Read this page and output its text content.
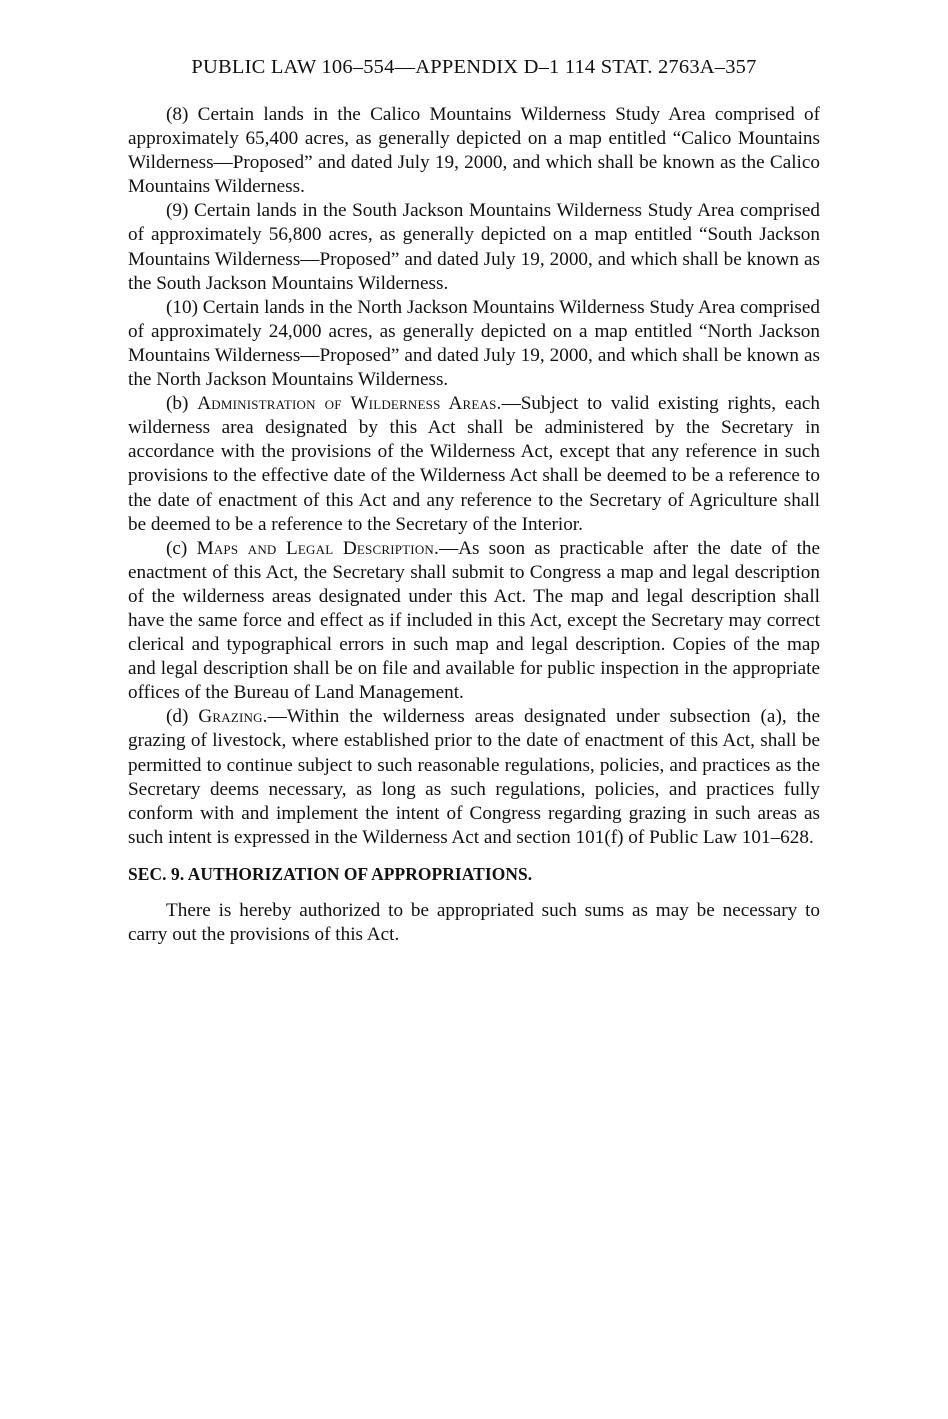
PUBLIC LAW 106–554—APPENDIX D–1 114 STAT. 2763A–357

(8) Certain lands in the Calico Mountains Wilderness Study Area comprised of approximately 65,400 acres, as generally depicted on a map entitled “Calico Mountains Wilderness—Proposed” and dated July 19, 2000, and which shall be known as the Calico Mountains Wilderness.

(9) Certain lands in the South Jackson Mountains Wilderness Study Area comprised of approximately 56,800 acres, as generally depicted on a map entitled “South Jackson Mountains Wilderness—Proposed” and dated July 19, 2000, and which shall be known as the South Jackson Mountains Wilderness.

(10) Certain lands in the North Jackson Mountains Wilderness Study Area comprised of approximately 24,000 acres, as generally depicted on a map entitled “North Jackson Mountains Wilderness—Proposed” and dated July 19, 2000, and which shall be known as the North Jackson Mountains Wilderness.

(b) Administration of Wilderness Areas.—Subject to valid existing rights, each wilderness area designated by this Act shall be administered by the Secretary in accordance with the provisions of the Wilderness Act, except that any reference in such provisions to the effective date of the Wilderness Act shall be deemed to be a reference to the date of enactment of this Act and any reference to the Secretary of Agriculture shall be deemed to be a reference to the Secretary of the Interior.

(c) Maps and Legal Description.—As soon as practicable after the date of the enactment of this Act, the Secretary shall submit to Congress a map and legal description of the wilderness areas designated under this Act. The map and legal description shall have the same force and effect as if included in this Act, except the Secretary may correct clerical and typographical errors in such map and legal description. Copies of the map and legal description shall be on file and available for public inspection in the appropriate offices of the Bureau of Land Management.

(d) Grazing.—Within the wilderness areas designated under subsection (a), the grazing of livestock, where established prior to the date of enactment of this Act, shall be permitted to continue subject to such reasonable regulations, policies, and practices as the Secretary deems necessary, as long as such regulations, policies, and practices fully conform with and implement the intent of Congress regarding grazing in such areas as such intent is expressed in the Wilderness Act and section 101(f) of Public Law 101–628.

SEC. 9. AUTHORIZATION OF APPROPRIATIONS.

There is hereby authorized to be appropriated such sums as may be necessary to carry out the provisions of this Act.
